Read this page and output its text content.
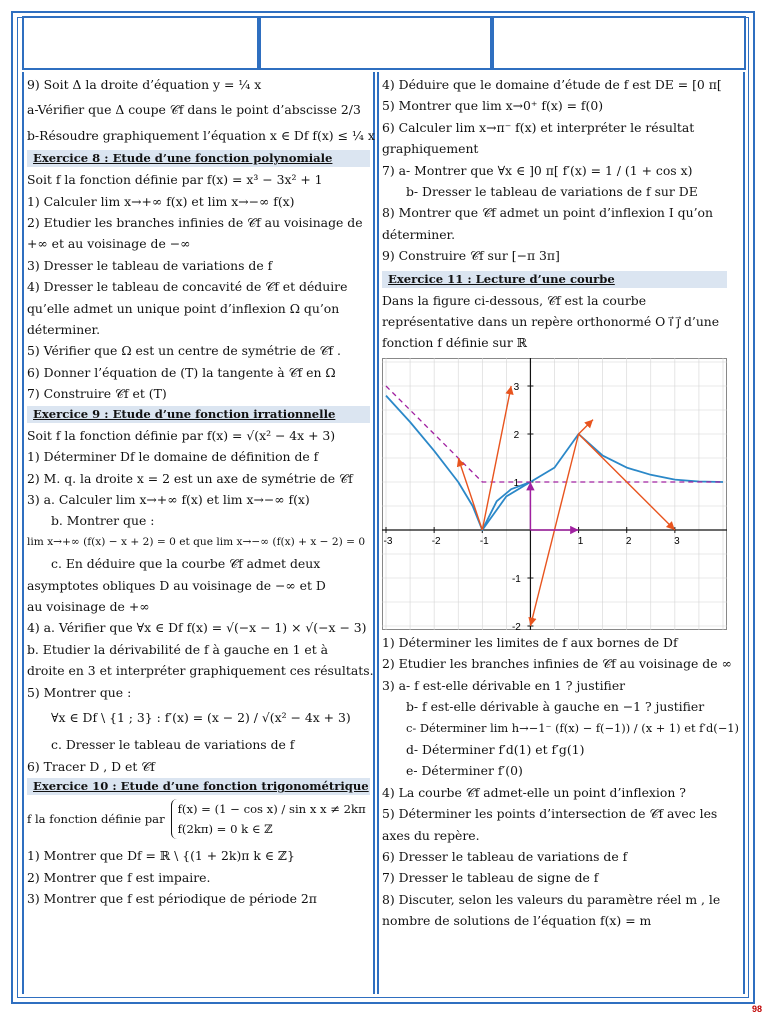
9) Soit Δ la droite d’équation y = ¼ x
a-Vérifier que Δ coupe 𝒞f dans le point d’abscisse 2/3
b-Résoudre graphiquement l’équation x ∈ Df f(x) ≤ ¼ x
Exercice 8 : Etude d’une fonction polynomiale
Soit f la fonction définie par f(x) = x³ − 3x² + 1
1) Calculer lim x→+∞ f(x) et lim x→−∞ f(x)
2) Etudier les branches infinies de 𝒞f au voisinage de
+∞ et au voisinage de −∞
3) Dresser le tableau de variations de f
4) Dresser le tableau de concavité de 𝒞f et déduire
qu’elle admet un unique point d’inflexion Ω qu’on
déterminer.
5) Vérifier que Ω est un centre de symétrie de 𝒞f .
6) Donner l’équation de (T) la tangente à 𝒞f en Ω
7) Construire 𝒞f et (T)
Exercice 9 : Etude d’une fonction irrationnelle
Soit f la fonction définie par f(x) = √(x² − 4x + 3)
1) Déterminer Df le domaine de définition de f
2) M. q. la droite x = 2 est un axe de symétrie de 𝒞f
3) a. Calculer lim x→+∞ f(x) et lim x→−∞ f(x)
b. Montrer que :
lim x→+∞ (f(x) − x + 2) = 0 et que lim x→−∞ (f(x) + x − 2) = 0
c. En déduire que la courbe 𝒞f admet deux
asymptotes obliques D au voisinage de −∞ et D
au voisinage de +∞
4) a. Vérifier que ∀x ∈ Df f(x) = √(−x − 1) × √(−x − 3)
b. Etudier la dérivabilité de f à gauche en 1 et à
droite en 3 et interpréter graphiquement ces résultats.
5) Montrer que :
∀x ∈ Df \ {1 ; 3} : f′(x) = (x − 2) / √(x² − 4x + 3)
c. Dresser le tableau de variations de f
6) Tracer D , D et 𝒞f
Exercice 10 : Etude d’une fonction trigonométrique
f la fonction définie par
f(x) = (1 − cos x) / sin x x ≠ 2kπ
f(2kπ) = 0 k ∈ ℤ
1) Montrer que Df = ℝ \ {(1 + 2k)π k ∈ ℤ}
2) Montrer que f est impaire.
3) Montrer que f est périodique de période 2π
4) Déduire que le domaine d’étude de f est DE = [0 π[
5) Montrer que lim x→0⁺ f(x) = f(0)
6) Calculer lim x→π⁻ f(x) et interpréter le résultat
graphiquement
7) a- Montrer que ∀x ∈ ]0 π[ f′(x) = 1 / (1 + cos x)
b- Dresser le tableau de variations de f sur DE
8) Montrer que 𝒞f admet un point d’inflexion I qu’on
déterminer.
9) Construire 𝒞f sur [−π 3π]
Exercice 11 : Lecture d’une courbe
Dans la figure ci-dessous, 𝒞f est la courbe
représentative dans un repère orthonormé O i⃗ j⃗ d’une
fonction f définie sur ℝ
-3	-2	-1	1	2	3
3
2
1
-1
-2
1) Déterminer les limites de f aux bornes de Df
2) Etudier les branches infinies de 𝒞f au voisinage de ∞
3) a- f est-elle dérivable en 1 ? justifier
b- f est-elle dérivable à gauche en −1 ? justifier
c- Déterminer lim h→−1⁻ (f(x) − f(−1)) / (x + 1) et f′d(−1)
d- Déterminer f′d(1) et f′g(1)
e- Déterminer f′(0)
4) La courbe 𝒞f admet-elle un point d’inflexion ?
5) Déterminer les points d’intersection de 𝒞f avec les
axes du repère.
6) Dresser le tableau de variations de f
7) Dresser le tableau de signe de f
8) Discuter, selon les valeurs du paramètre réel m , le
nombre de solutions de l’équation f(x) = m
98
